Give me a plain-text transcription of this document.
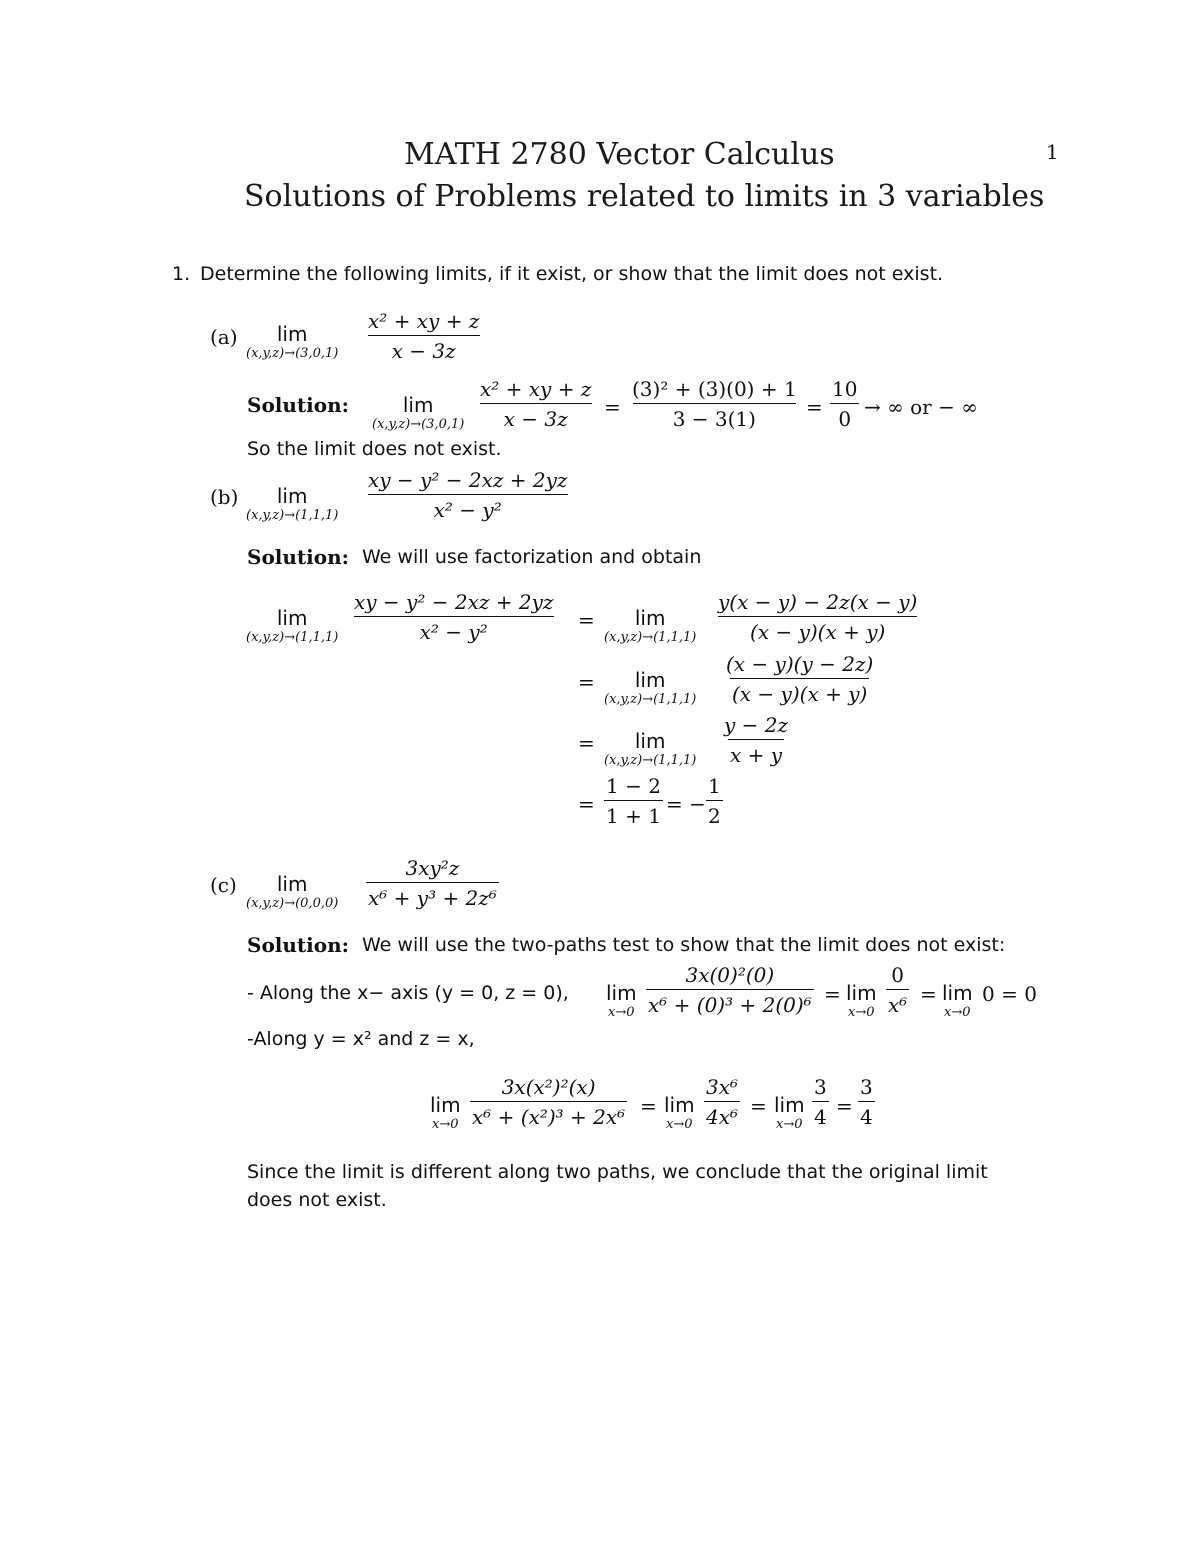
MATH 2780 Vector Calculus
Solutions of Problems related to limits in 3 variables
1
1. Determine the following limits, if it exist, or show that the limit does not exist.
(a) lim
$(x,y,z)\to(3,0,1) \frac{\text{x² + xy + z}}{x - 3z}$
Solution:	lim
$(x,y,z)\to(3,0,1) \frac{\text{x² + xy + z}}{x - 3z} = \frac{\text{(3)² + (3)(0) + 1}}{3 - 3(1)} = \frac{10}{0}$ → ∞ or − ∞
So the limit does not exist.
(b) lim
$(x,y,z)\to(1,1,1) \frac{\text{xy − y² − 2xz + 2yz}}{\text{x² − y²}}$
Solution: We will use factorization and obtain
lim
$(x,y,z)\to(1,1,1) \frac{\text{xy − y² − 2xz + 2yz}}{\text{x² − y²}} = \lim$
$(x,y,z)\to(1,1,1) \frac{y(x - y) - 2z(x - y)}{(x - y)(x + y)}$
= lim
$(x,y,z)\to(1,1,1) \frac{(x - y)(y - 2z)}{(x - y)(x + y)}$
= lim
$(x,y,z)\to(1,1,1) \frac{y - 2z}{x + y}$
= $\frac{1 - 2}{1 + 1}$ = − $\frac{1}{2}$
(c) lim
$(x,y,z)\to(0,0,0) \frac{\text{3xy²z}}{\text{x⁶ + y³ + 2z⁶}}$
Solution: We will use the two-paths test to show that the limit does not exist:
- Along the x− axis (y = 0, z = 0), lim
$x\to 0 \frac{\text{3x(0)²(0)}}{\text{x⁶ + (0)³ + 2(0)⁶}} = \lim$
$x\to 0 \frac{0}{\text{x⁶}} = \lim$
x→0
0 = 0
-Along y = x² and z = x,
lim
$x\to 0 \frac{\text{3x(x²)²(x)}}{\text{x⁶ + (x²)³ + 2x⁶}} = \lim$
$x\to 0 \frac{\text{3x⁶}}{\text{4x⁶}} = \lim$
$x\to 0 \frac{3}{4} = \frac{3}{4}$
Since the limit is different along two paths, we conclude that the original limit
does not exist.
